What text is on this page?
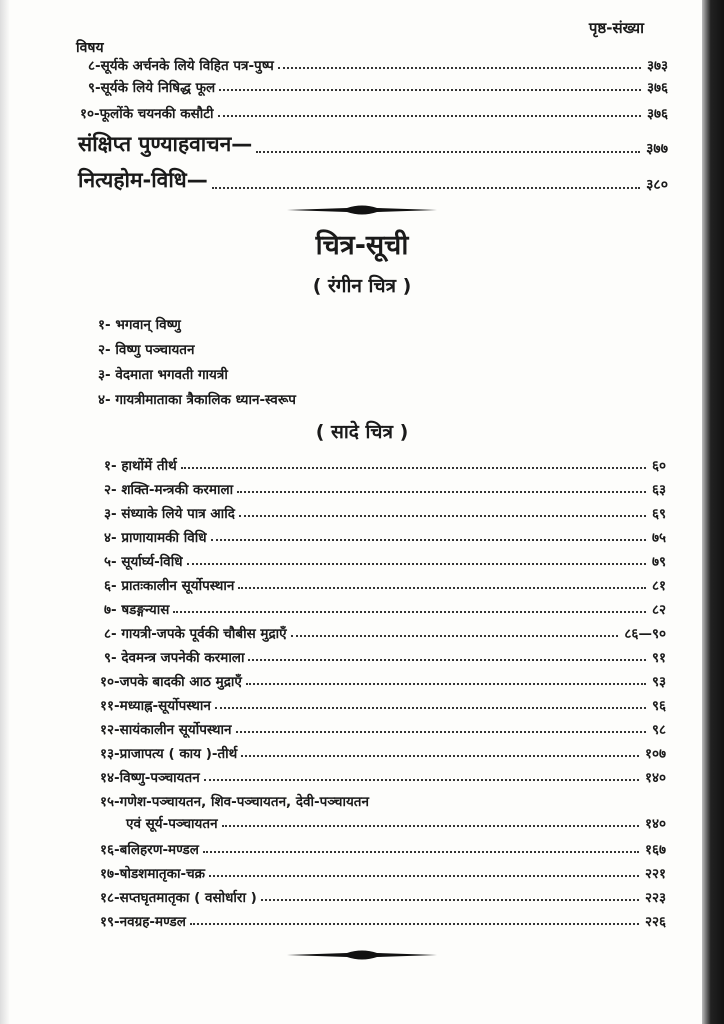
पृष्ठ-संख्या
विषय
८-सूर्यके अर्चनके लिये विहित पत्र-पुष्प	३७३
९-सूर्यके लिये निषिद्ध फूल	३७६
१०-फूलोंके चयनकी कसौटी	३७६
संक्षिप्त पुण्याहवाचन—	३७७
नित्यहोम-विधि—	३८०
चित्र-सूची
( रंगीन चित्र )
१- भगवान् विष्णु
२- विष्णु पञ्चायतन
३- वेदमाता भगवती गायत्री
४- गायत्रीमाताका त्रैकालिक ध्यान-स्वरूप
( सादे चित्र )
१- हाथोंमें तीर्थ	६०
२- शक्ति-मन्त्रकी करमाला	६३
३- संध्याके लिये पात्र आदि	६९
४- प्राणायामकी विधि	७५
५- सूर्यार्घ्य-विधि	७९
६- प्रातःकालीन सूर्योपस्थान	८१
७- षडङ्गन्यास	८२
८- गायत्री-जपके पूर्वकी चौबीस मुद्राएँ	८६—९०
९- देवमन्त्र जपनेकी करमाला	९१
१०-जपके बादकी आठ मुद्राएँ	९३
११-मध्याह्न-सूर्योपस्थान	९६
१२-सायंकालीन सूर्योपस्थान	९८
१३-प्राजापत्य ( काय )-तीर्थ	१०७
१४-विष्णु-पञ्चायतन	१४०
१५-गणेश-पञ्चायतन, शिव-पञ्चायतन, देवी-पञ्चायतन
एवं सूर्य-पञ्चायतन	१४०
१६-बलिहरण-मण्डल	१६७
१७-षोडशमातृका-चक्र	२२१
१८-सप्तघृतमातृका ( वसोर्धारा )	२२३
१९-नवग्रह-मण्डल	२२६
